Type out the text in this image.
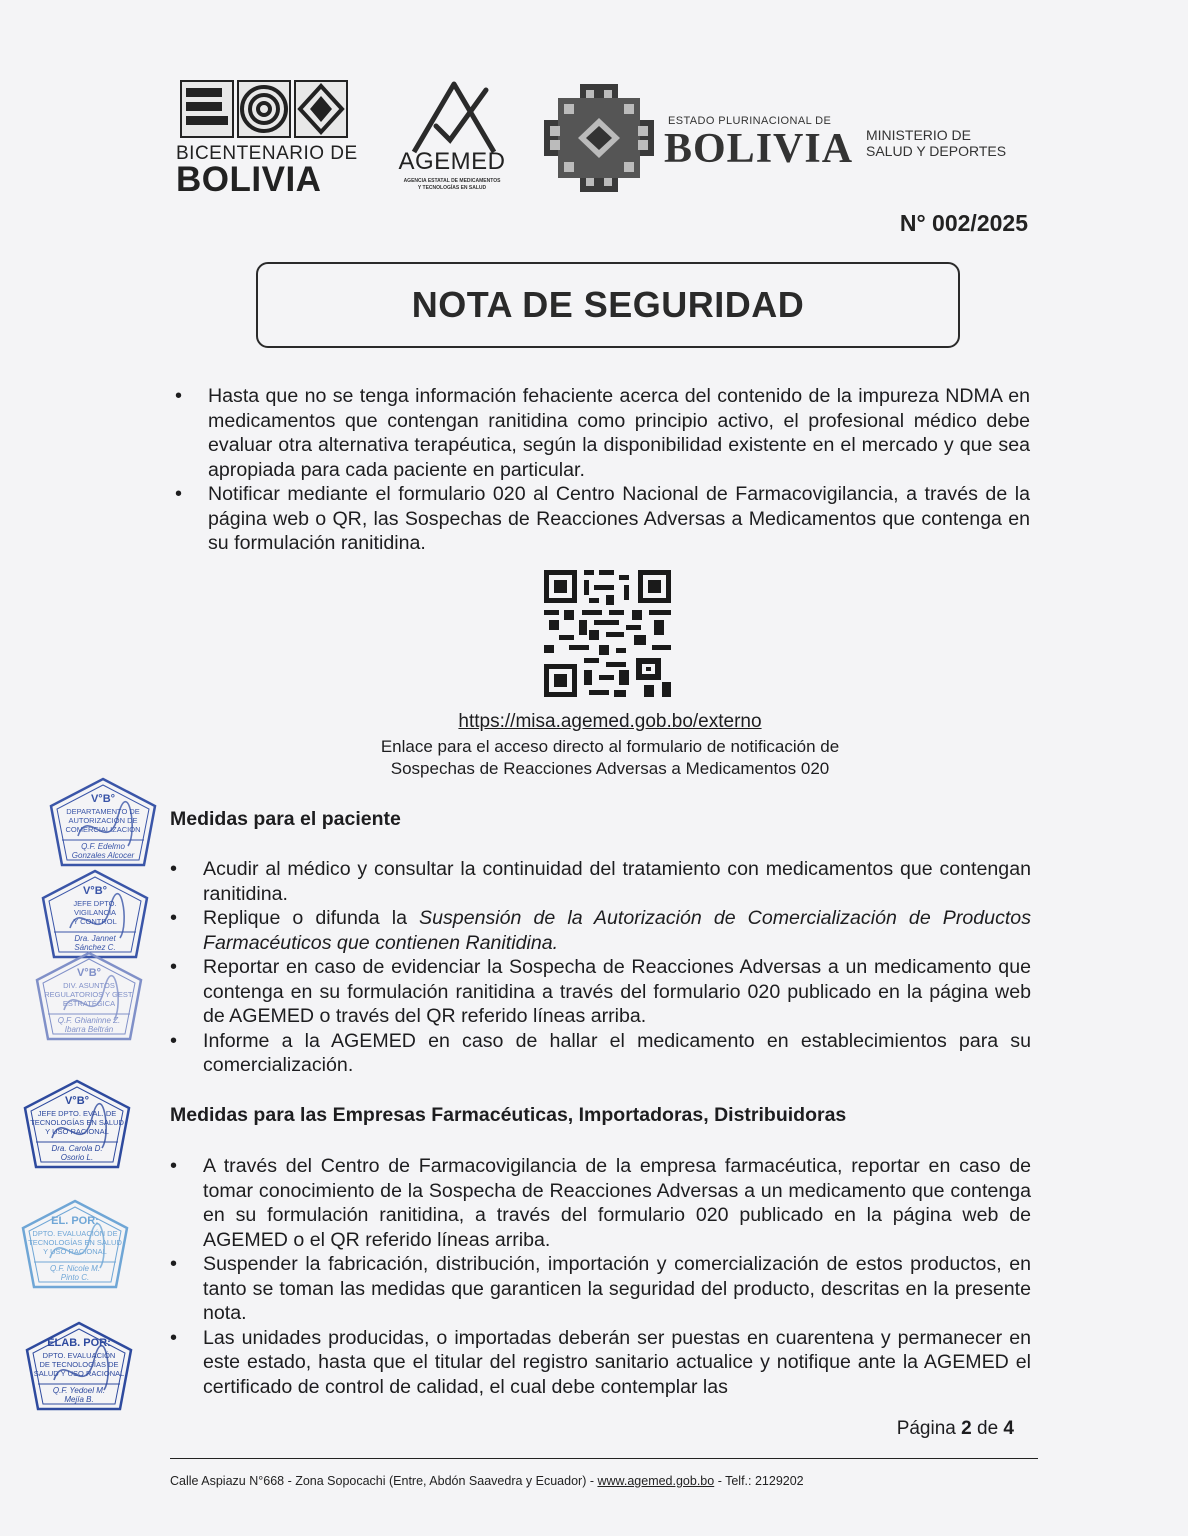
BICENTENARIO DE
BOLIVIA	AGEMED
AGENCIA ESTATAL DE MEDICAMENTOS
Y TECNOLOGÍAS EN SALUD
ESTADO PLURINACIONAL DE
BOLIVIA MINISTERIO DE
SALUD Y DEPORTES
N° 002/2025
NOTA DE SEGURIDAD
• Hasta que no se tenga información fehaciente acerca del contenido de la impureza NDMA en medicamentos que contengan ranitidina como principio activo, el profesional médico debe evaluar otra alternativa terapéutica, según la disponibilidad existente en el mercado y que sea apropiada para cada paciente en particular.
• Notificar mediante el formulario 020 al Centro Nacional de Farmacovigilancia, a través de la página web o QR, las Sospechas de Reacciones Adversas a Medicamentos que contenga en su formulación ranitidina.
https://misa.agemed.gob.bo/externo
Enlace para el acceso directo al formulario de notificación de
Sospechas de Reacciones Adversas a Medicamentos 020
Medidas para el paciente
• Acudir al médico y consultar la continuidad del tratamiento con medicamentos que contengan ranitidina.
• Replique o difunda la Suspensión de la Autorización de Comercialización de Productos Farmacéuticos que contienen Ranitidina.
• Reportar en caso de evidenciar la Sospecha de Reacciones Adversas a un medicamento que contenga en su formulación ranitidina a través del formulario 020 publicado en la página web de AGEMED o través del QR referido líneas arriba.
• Informe a la AGEMED en caso de hallar el medicamento en establecimientos para su comercialización.
Medidas para las Empresas Farmacéuticas, Importadoras, Distribuidoras
• A través del Centro de Farmacovigilancia de la empresa farmacéutica, reportar en caso de tomar conocimiento de la Sospecha de Reacciones Adversas a un medicamento que contenga en su formulación ranitidina, a través del formulario 020 publicado en la página web de AGEMED o el QR referido líneas arriba.
• Suspender la fabricación, distribución, importación y comercialización de estos productos, en tanto se toman las medidas que garanticen la seguridad del producto, descritas en la presente nota.
• Las unidades producidas, o importadas deberán ser puestas en cuarentena y permanecer en este estado, hasta que el titular del registro sanitario actualice y notifique ante la AGEMED el certificado de control de calidad, el cual debe contemplar las
V°B°
DEPARTAMENTO DE
AUTORIZACIÓN DE
COMERCIALIZACIÓN
Q.F. Edelmo
Gonzales Alcocer
V°B°
JEFE DPTO.
VIGILANCIA
Y CONTROL
Dra. Jannet
Sánchez C.
V°B°
DIV. ASUNTOS
REGULATORIOS Y GEST.
ESTRATÉGICA
Q.F. Ghianinne Z.
Ibarra Beltrán
V°B°
JEFE DPTO. EVAL. DE
TECNOLOGÍAS EN SALUD
Y USO RACIONAL
Dra. Carola D.
Osorio L.
EL. POR:
DPTO. EVALUACIÓN DE
TECNOLOGÍAS EN SALUD
Y USO RACIONAL
Q.F. Nicole M.
Pinto C.
ELAB. POR:
DPTO. EVALUACIÓN
DE TECNOLOGÍAS DE
SALUD Y USO RACIONAL
Q.F. Yedoel M.
Mejía B.
Página 2 de 4
Calle Aspiazu N°668 - Zona Sopocachi (Entre, Abdón Saavedra y Ecuador) - www.agemed.gob.bo - Telf.: 2129202
